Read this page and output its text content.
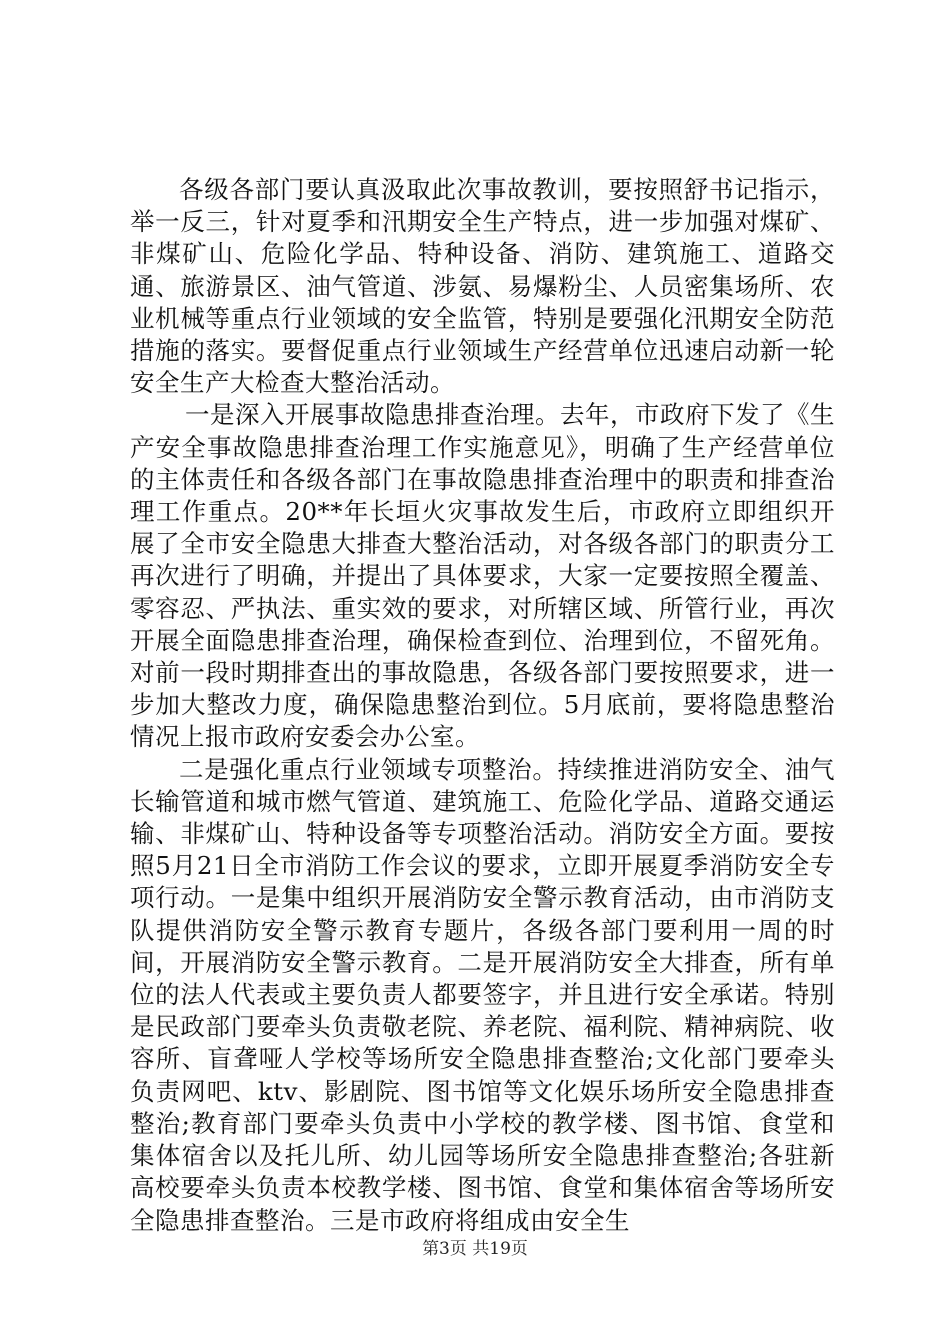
各级各部门要认真汲取此次事故教训，要按照舒书记指示，举一反三，针对夏季和汛期安全生产特点，进一步加强对煤矿、非煤矿山、危险化学品、特种设备、消防、建筑施工、道路交通、旅游景区、油气管道、涉氨、易爆粉尘、人员密集场所、农业机械等重点行业领域的安全监管，特别是要强化汛期安全防范措施的落实。要督促重点行业领域生产经营单位迅速启动新一轮安全生产大检查大整治活动。

一是深入开展事故隐患排查治理。去年，市政府下发了《生产安全事故隐患排查治理工作实施意见》，明确了生产经营单位的主体责任和各级各部门在事故隐患排查治理中的职责和排查治理工作重点。20**年长垣火灾事故发生后，市政府立即组织开展了全市安全隐患大排查大整治活动，对各级各部门的职责分工再次进行了明确，并提出了具体要求，大家一定要按照全覆盖、零容忍、严执法、重实效的要求，对所辖区域、所管行业，再次开展全面隐患排查治理，确保检查到位、治理到位，不留死角。对前一段时期排查出的事故隐患，各级各部门要按照要求，进一步加大整改力度，确保隐患整治到位。5月底前，要将隐患整治情况上报市政府安委会办公室。

二是强化重点行业领域专项整治。持续推进消防安全、油气长输管道和城市燃气管道、建筑施工、危险化学品、道路交通运输、非煤矿山、特种设备等专项整治活动。消防安全方面。要按照5月21日全市消防工作会议的要求，立即开展夏季消防安全专项行动。一是集中组织开展消防安全警示教育活动，由市消防支队提供消防安全警示教育专题片，各级各部门要利用一周的时间，开展消防安全警示教育。二是开展消防安全大排查，所有单位的法人代表或主要负责人都要签字，并且进行安全承诺。特别是民政部门要牵头负责敬老院、养老院、福利院、精神病院、收容所、盲聋哑人学校等场所安全隐患排查整治;文化部门要牵头负责网吧、ktv、影剧院、图书馆等文化娱乐场所安全隐患排查整治;教育部门要牵头负责中小学校的教学楼、图书馆、食堂和集体宿舍以及托儿所、幼儿园等场所安全隐患排查整治;各驻新高校要牵头负责本校教学楼、图书馆、食堂和集体宿舍等场所安全隐患排查整治。三是市政府将组成由安全生

第3页 共19页
